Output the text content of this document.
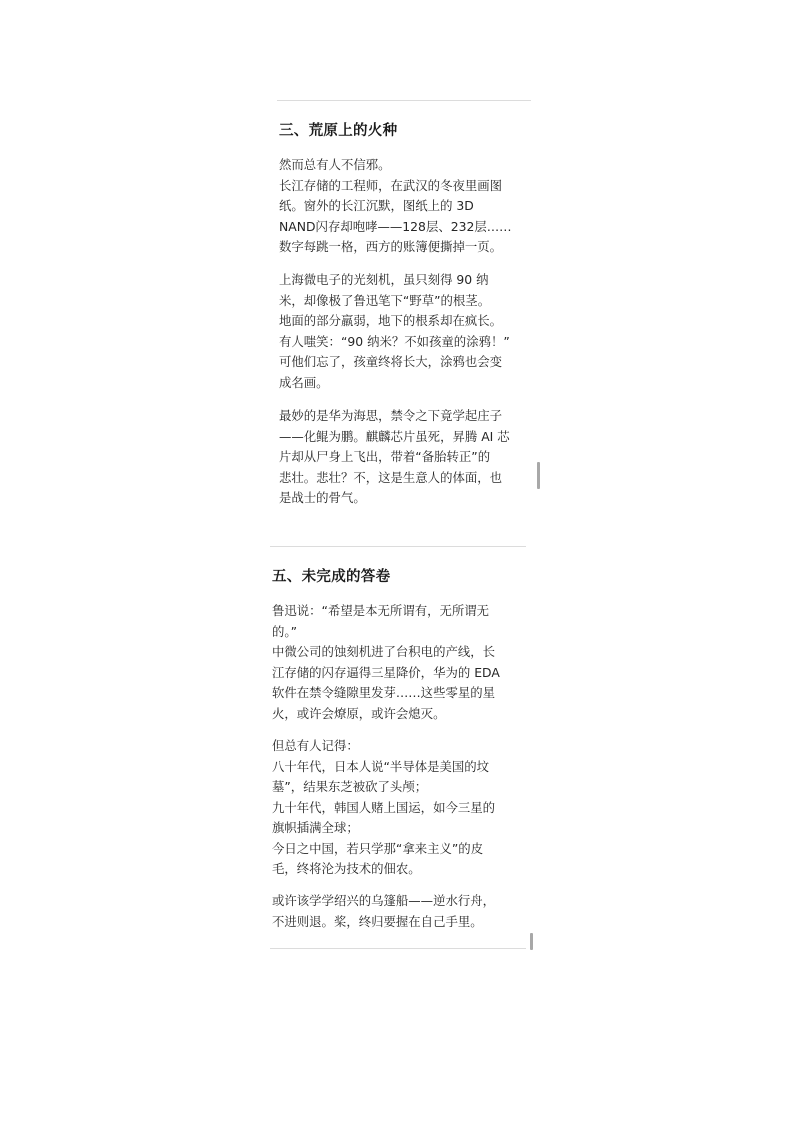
三、荒原上的火种

然而总有人不信邪。
长江存储的工程师，在武汉的冬夜里画图
纸。窗外的长江沉默，图纸上的 3D
NAND闪存却咆哮——128层、232层……
数字每跳一格，西方的账簿便撕掉一页。

上海微电子的光刻机，虽只刻得 90 纳
米，却像极了鲁迅笔下“野草”的根茎。
地面的部分羸弱，地下的根系却在疯长。
有人嗤笑：“90 纳米？不如孩童的涂鸦！”
可他们忘了，孩童终将长大，涂鸦也会变
成名画。

最妙的是华为海思，禁令之下竟学起庄子
——化鲲为鹏。麒麟芯片虽死，昇腾 AI 芯
片却从尸身上飞出，带着“备胎转正”的
悲壮。悲壮？不，这是生意人的体面，也
是战士的骨气。

五、未完成的答卷

鲁迅说：“希望是本无所谓有，无所谓无
的。”
中微公司的蚀刻机进了台积电的产线，长
江存储的闪存逼得三星降价，华为的 EDA
软件在禁令缝隙里发芽……这些零星的星
火，或许会燎原，或许会熄灭。

但总有人记得：
八十年代，日本人说“半导体是美国的坟
墓”，结果东芝被砍了头颅；
九十年代，韩国人赌上国运，如今三星的
旗帜插满全球；
今日之中国，若只学那“拿来主义”的皮
毛，终将沦为技术的佃农。

或许该学学绍兴的乌篷船——逆水行舟，
不进则退。桨，终归要握在自己手里。
